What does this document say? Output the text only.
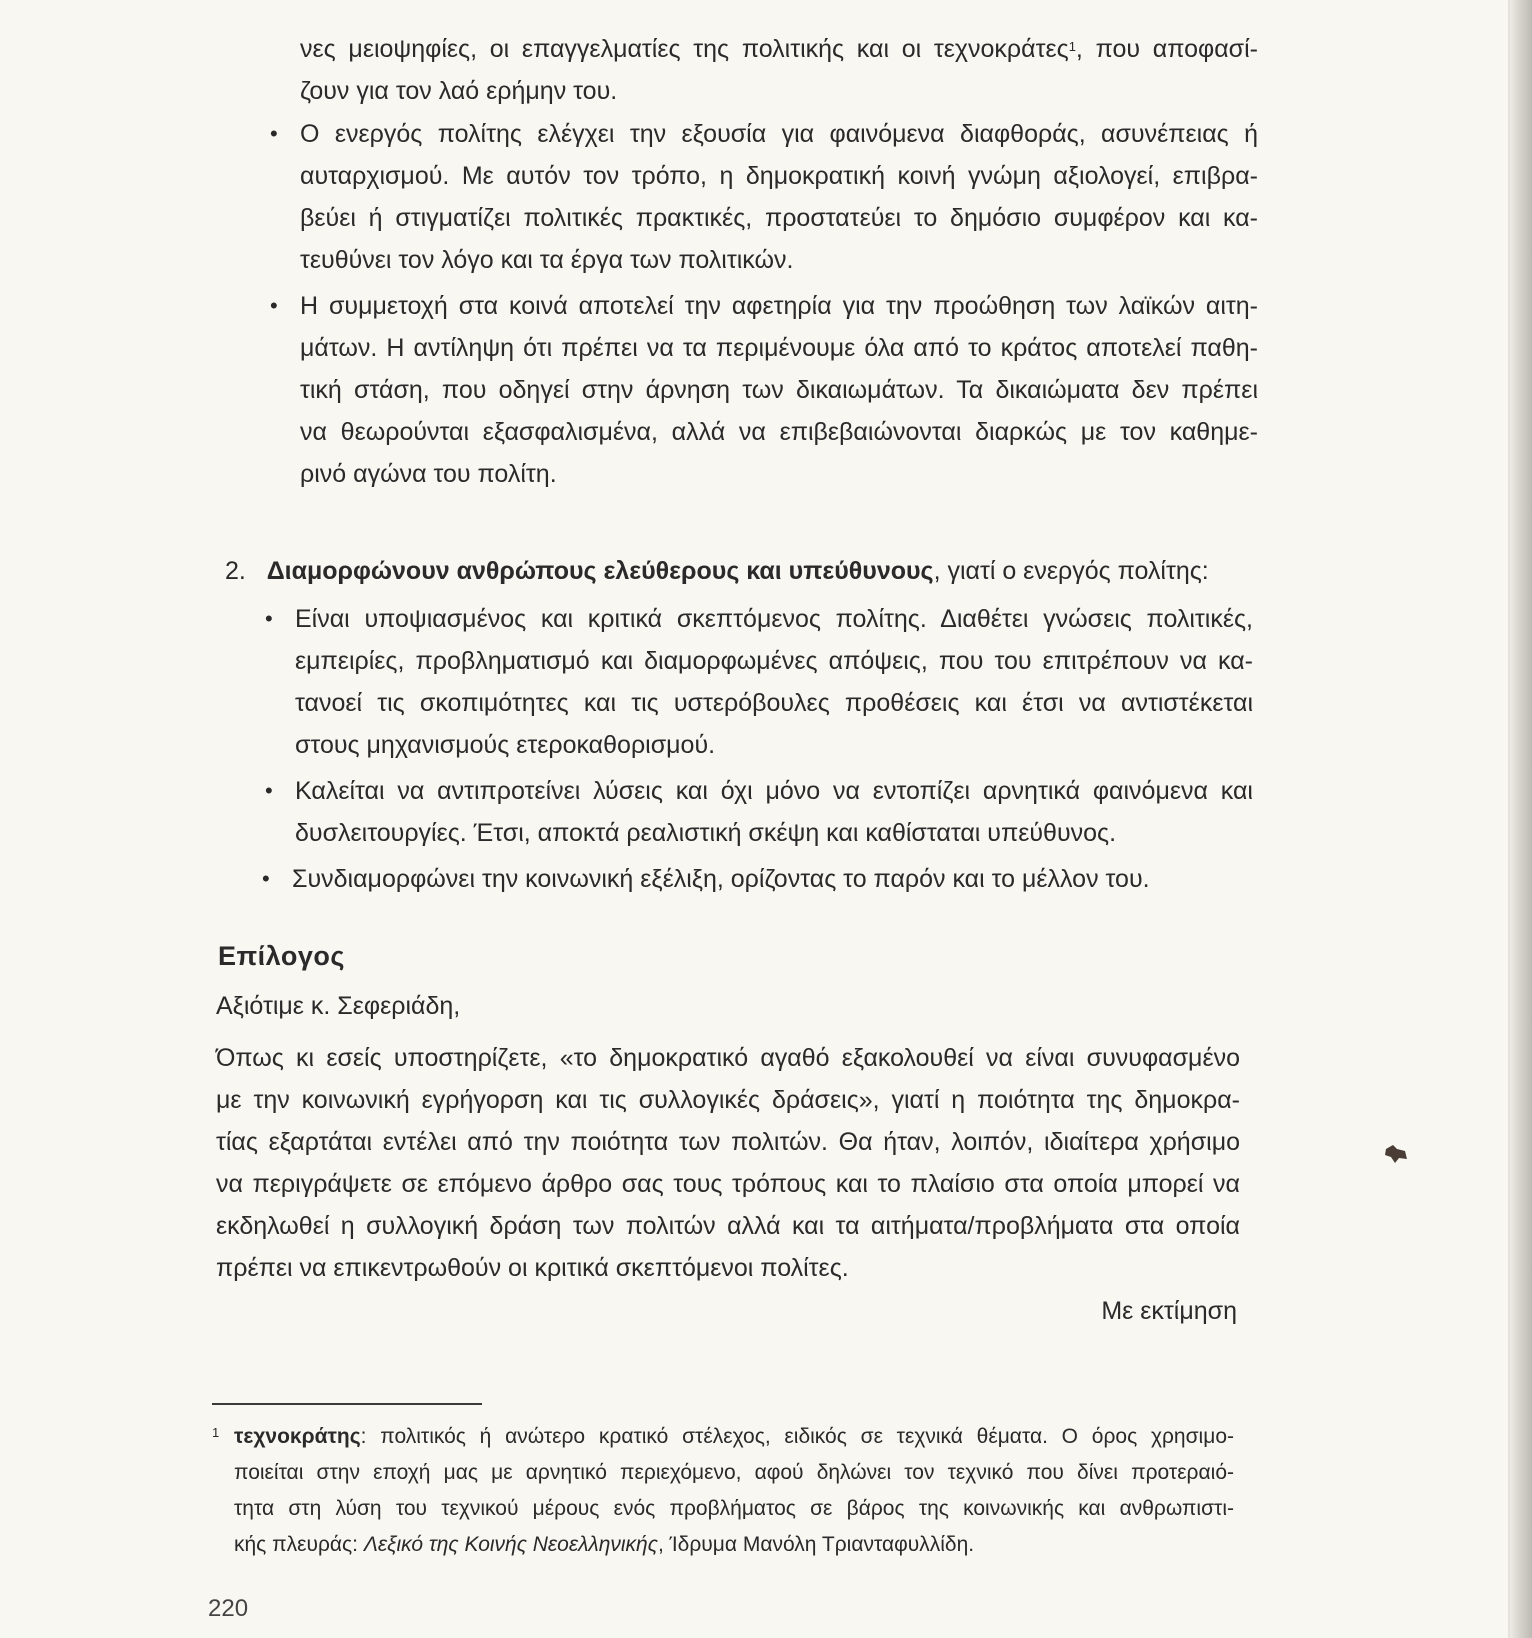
νες μειοψηφίες, οι επαγγελματίες της πολιτικής και οι τεχνοκράτες$^1$, που αποφασί-
ζουν για τον λαό ερήμην του.
• Ο ενεργός πολίτης ελέγχει την εξουσία για φαινόμενα διαφθοράς, ασυνέπειας ή
αυταρχισμού. Με αυτόν τον τρόπο, η δημοκρατική κοινή γνώμη αξιολογεί, επιβρα-
βεύει ή στιγματίζει πολιτικές πρακτικές, προστατεύει το δημόσιο συμφέρον και κα-
τευθύνει τον λόγο και τα έργα των πολιτικών.
• Η συμμετοχή στα κοινά αποτελεί την αφετηρία για την προώθηση των λαϊκών αιτη-
μάτων. Η αντίληψη ότι πρέπει να τα περιμένουμε όλα από το κράτος αποτελεί παθη-
τική στάση, που οδηγεί στην άρνηση των δικαιωμάτων. Τα δικαιώματα δεν πρέπει
να θεωρούνται εξασφαλισμένα, αλλά να επιβεβαιώνονται διαρκώς με τον καθημε-
ρινό αγώνα του πολίτη.
2. Διαμορφώνουν ανθρώπους ελεύθερους και υπεύθυνους, γιατί ο ενεργός πολίτης:
• Είναι υποψιασμένος και κριτικά σκεπτόμενος πολίτης. Διαθέτει γνώσεις πολιτικές,
εμπειρίες, προβληματισμό και διαμορφωμένες απόψεις, που του επιτρέπουν να κα-
τανοεί τις σκοπιμότητες και τις υστερόβουλες προθέσεις και έτσι να αντιστέκεται
στους μηχανισμούς ετεροκαθορισμού.
• Καλείται να αντιπροτείνει λύσεις και όχι μόνο να εντοπίζει αρνητικά φαινόμενα και
δυσλειτουργίες. Έτσι, αποκτά ρεαλιστική σκέψη και καθίσταται υπεύθυνος.
• Συνδιαμορφώνει την κοινωνική εξέλιξη, ορίζοντας το παρόν και το μέλλον του.
Επίλογος
Αξιότιμε κ. Σεφεριάδη,
Όπως κι εσείς υποστηρίζετε, «το δημοκρατικό αγαθό εξακολουθεί να είναι συνυφασμένο
με την κοινωνική εγρήγορση και τις συλλογικές δράσεις», γιατί η ποιότητα της δημοκρα-
τίας εξαρτάται εντέλει από την ποιότητα των πολιτών. Θα ήταν, λοιπόν, ιδιαίτερα χρήσιμο
να περιγράψετε σε επόμενο άρθρο σας τους τρόπους και το πλαίσιο στα οποία μπορεί να
εκδηλωθεί η συλλογική δράση των πολιτών αλλά και τα αιτήματα/προβλήματα στα οποία
πρέπει να επικεντρωθούν οι κριτικά σκεπτόμενοι πολίτες.
Με εκτίμηση
1 τεχνοκράτης: πολιτικός ή ανώτερο κρατικό στέλεχος, ειδικός σε τεχνικά θέματα. Ο όρος χρησιμο-
ποιείται στην εποχή μας με αρνητικό περιεχόμενο, αφού δηλώνει τον τεχνικό που δίνει προτεραιό-
τητα στη λύση του τεχνικού μέρους ενός προβλήματος σε βάρος της κοινωνικής και ανθρωπιστι-
κής πλευράς: Λεξικό της Κοινής Νεοελληνικής, Ίδρυμα Μανόλη Τριανταφυλλίδη.
220
